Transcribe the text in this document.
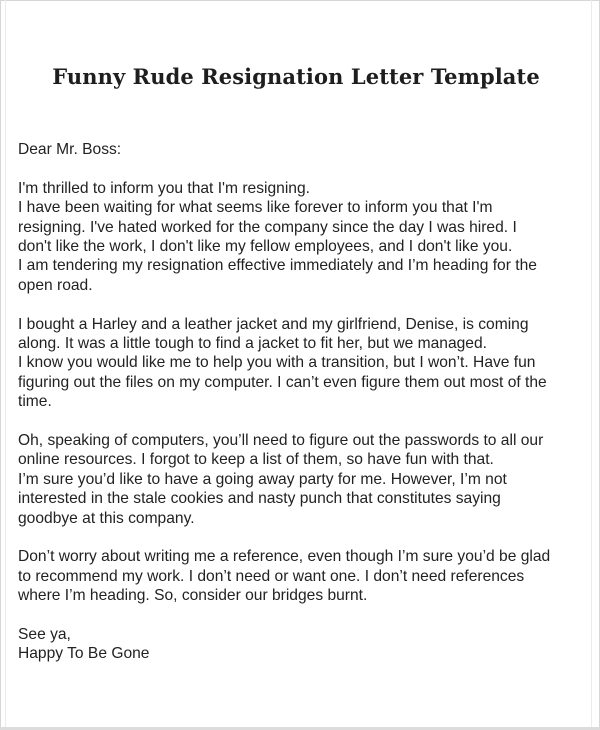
Funny Rude Resignation Letter Template

Dear Mr. Boss:

I'm thrilled to inform you that I'm resigning.
I have been waiting for what seems like forever to inform you that I'm
resigning. I've hated worked for the company since the day I was hired. I
don't like the work, I don't like my fellow employees, and I don't like you.
I am tendering my resignation effective immediately and I’m heading for the
open road.

I bought a Harley and a leather jacket and my girlfriend, Denise, is coming
along. It was a little tough to find a jacket to fit her, but we managed.
I know you would like me to help you with a transition, but I won’t. Have fun
figuring out the files on my computer. I can’t even figure them out most of the
time.

Oh, speaking of computers, you’ll need to figure out the passwords to all our
online resources. I forgot to keep a list of them, so have fun with that.
I’m sure you’d like to have a going away party for me. However, I’m not
interested in the stale cookies and nasty punch that constitutes saying
goodbye at this company.

Don’t worry about writing me a reference, even though I’m sure you’d be glad
to recommend my work. I don’t need or want one. I don’t need references
where I’m heading. So, consider our bridges burnt.

See ya,
Happy To Be Gone
